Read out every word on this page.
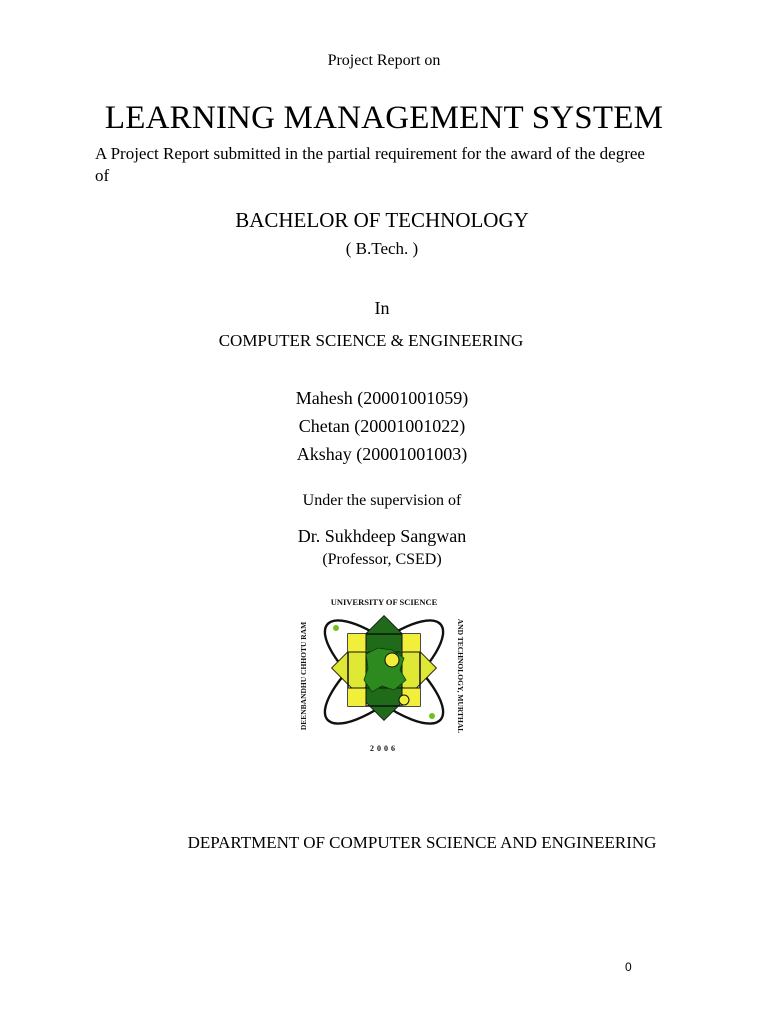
Project Report on
LEARNING MANAGEMENT SYSTEM
A Project Report submitted in the partial requirement for the award of the degree
of
BACHELOR OF TECHNOLOGY
( B.Tech. )
In
COMPUTER SCIENCE & ENGINEERING
Mahesh (20001001059)
Chetan (20001001022)
Akshay (20001001003)
Under the supervision of
Dr. Sukhdeep Sangwan
(Professor, CSED)
UNIVERSITY OF SCIENCE
DEENBANDHU CHHOTU RAM	AND TECHNOLOGY, MURTHAL
2006
DEPARTMENT OF COMPUTER SCIENCE AND ENGINEERING
0
